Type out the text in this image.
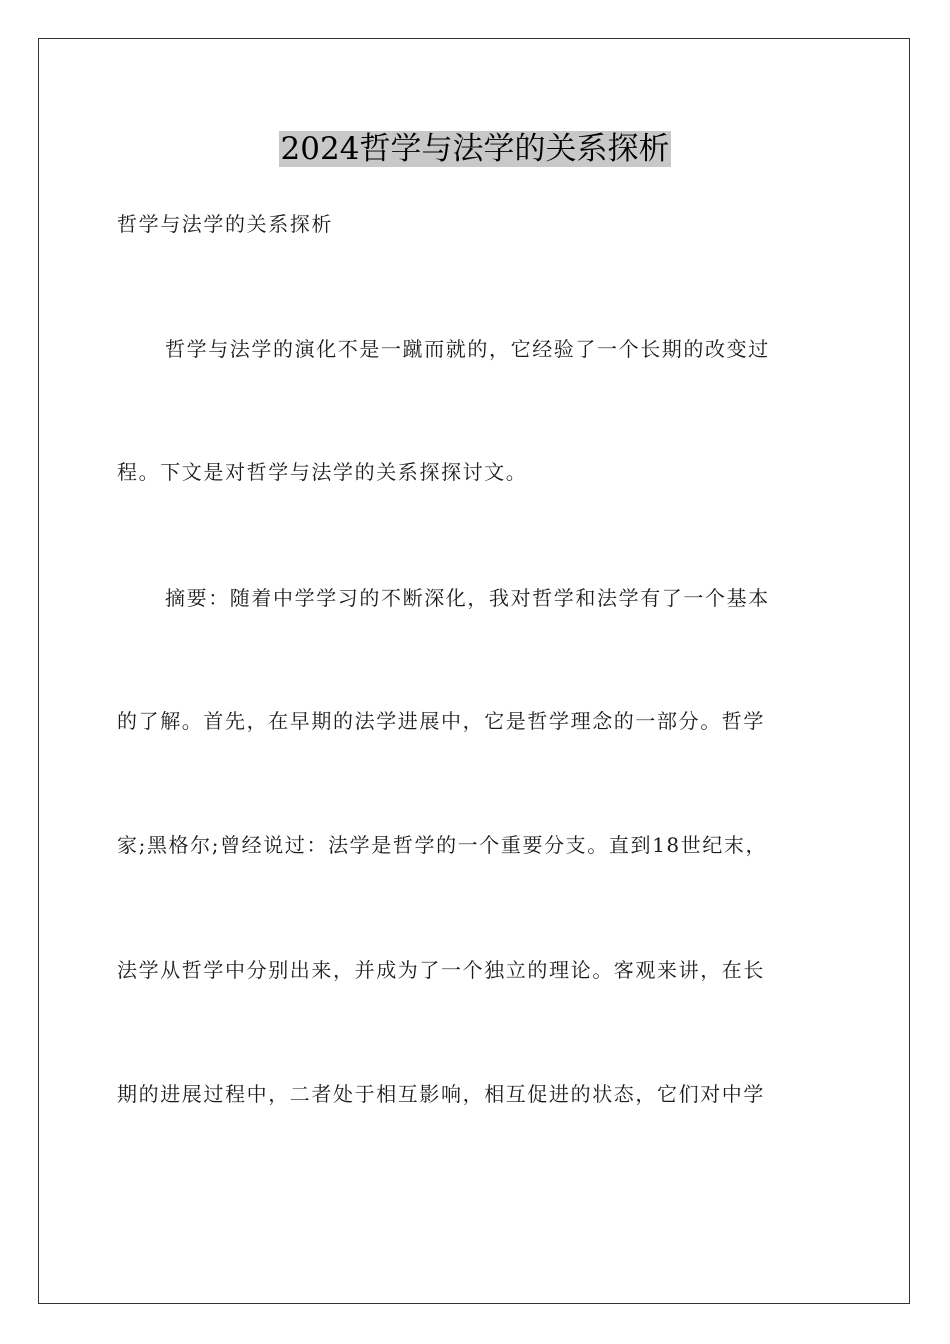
2024哲学与法学的关系探析
哲学与法学的关系探析
哲学与法学的演化不是一蹴而就的，它经验了一个长期的改变过
程。下文是对哲学与法学的关系探探讨文。
摘要：随着中学学习的不断深化，我对哲学和法学有了一个基本
的了解。首先，在早期的法学进展中，它是哲学理念的一部分。哲学
家;黑格尔;曾经说过：法学是哲学的一个重要分支。直到18世纪末，
法学从哲学中分别出来，并成为了一个独立的理论。客观来讲，在长
期的进展过程中，二者处于相互影响，相互促进的状态，它们对中学
